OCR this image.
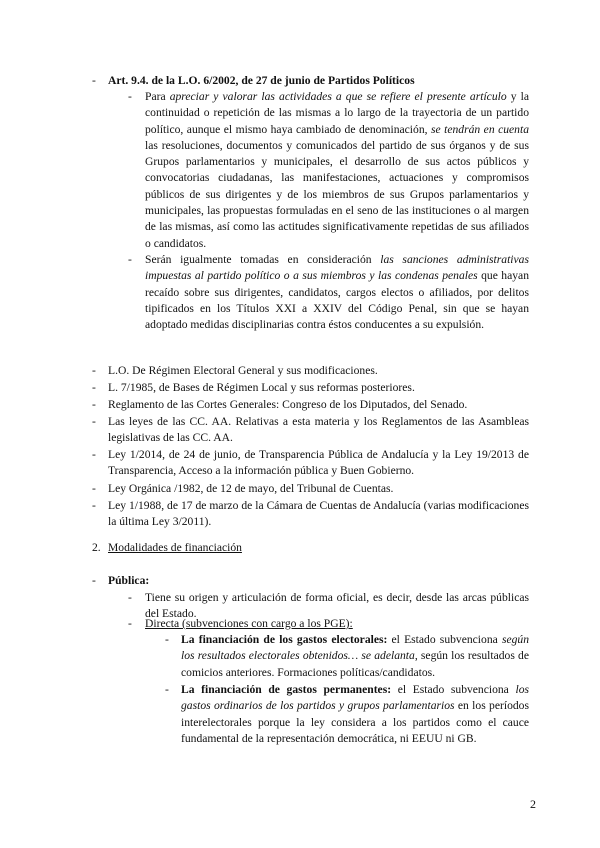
- Art. 9.4. de la L.O. 6/2002, de 27 de junio de Partidos Políticos
- Para apreciar y valorar las actividades a que se refiere el presente artículo y la continuidad o repetición de las mismas a lo largo de la trayectoria de un partido político, aunque el mismo haya cambiado de denominación, se tendrán en cuenta las resoluciones, documentos y comunicados del partido de sus órganos y de sus Grupos parlamentarios y municipales, el desarrollo de sus actos públicos y convocatorias ciudadanas, las manifestaciones, actuaciones y compromisos públicos de sus dirigentes y de los miembros de sus Grupos parlamentarios y municipales, las propuestas formuladas en el seno de las instituciones o al margen de las mismas, así como las actitudes significativamente repetidas de sus afiliados o candidatos.
- Serán igualmente tomadas en consideración las sanciones administrativas impuestas al partido político o a sus miembros y las condenas penales que hayan recaído sobre sus dirigentes, candidatos, cargos electos o afiliados, por delitos tipificados en los Títulos XXI a XXIV del Código Penal, sin que se hayan adoptado medidas disciplinarias contra éstos conducentes a su expulsión.
- L.O. De Régimen Electoral General y sus modificaciones.
- L. 7/1985, de Bases de Régimen Local y sus reformas posteriores.
- Reglamento de las Cortes Generales: Congreso de los Diputados, del Senado.
- Las leyes de las CC. AA. Relativas a esta materia y los Reglamentos de las Asambleas legislativas de las CC. AA.
- Ley 1/2014, de 24 de junio, de Transparencia Pública de Andalucía y la Ley 19/2013 de Transparencia, Acceso a la información pública y Buen Gobierno.
- Ley Orgánica /1982, de 12 de mayo, del Tribunal de Cuentas.
- Ley 1/1988, de 17 de marzo de la Cámara de Cuentas de Andalucía (varias modificaciones la última Ley 3/2011).
2. Modalidades de financiación
- Pública:
- Tiene su origen y articulación de forma oficial, es decir, desde las arcas públicas del Estado.
- Directa (subvenciones con cargo a los PGE):
- La financiación de los gastos electorales: el Estado subvenciona según los resultados electorales obtenidos… se adelanta, según los resultados de comicios anteriores. Formaciones políticas/candidatos.
- La financiación de gastos permanentes: el Estado subvenciona los gastos ordinarios de los partidos y grupos parlamentarios en los períodos interelectorales porque la ley considera a los partidos como el cauce fundamental de la representación democrática, ni EEUU ni GB.
2
